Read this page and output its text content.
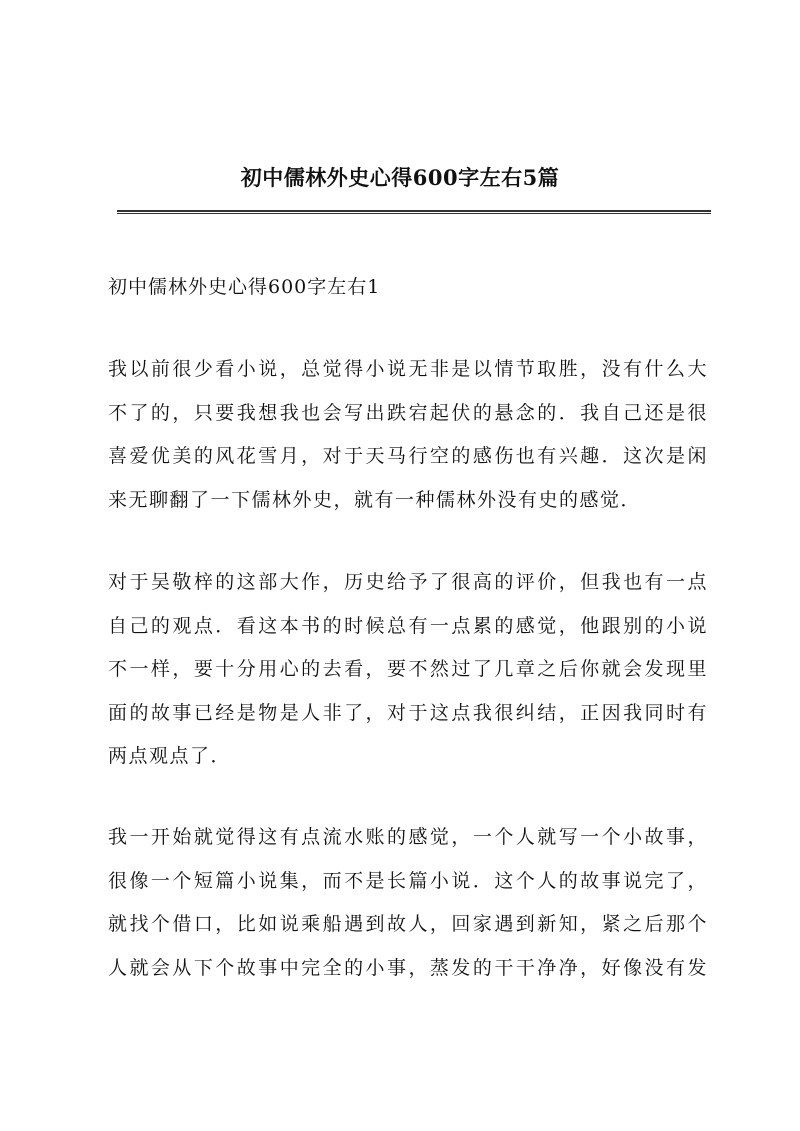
初中儒林外史心得600字左右5篇
初中儒林外史心得600字左右1
我以前很少看小说，总觉得小说无非是以情节取胜，没有什么大
不了的，只要我想我也会写出跌宕起伏的悬念的．我自己还是很
喜爱优美的风花雪月，对于天马行空的感伤也有兴趣．这次是闲
来无聊翻了一下儒林外史，就有一种儒林外没有史的感觉．
对于吴敬梓的这部大作，历史给予了很高的评价，但我也有一点
自己的观点．看这本书的时候总有一点累的感觉，他跟别的小说
不一样，要十分用心的去看，要不然过了几章之后你就会发现里
面的故事已经是物是人非了，对于这点我很纠结，正因我同时有
两点观点了．
我一开始就觉得这有点流水账的感觉，一个人就写一个小故事，
很像一个短篇小说集，而不是长篇小说．这个人的故事说完了，
就找个借口，比如说乘船遇到故人，回家遇到新知，紧之后那个
人就会从下个故事中完全的小事，蒸发的干干净净，好像没有发
